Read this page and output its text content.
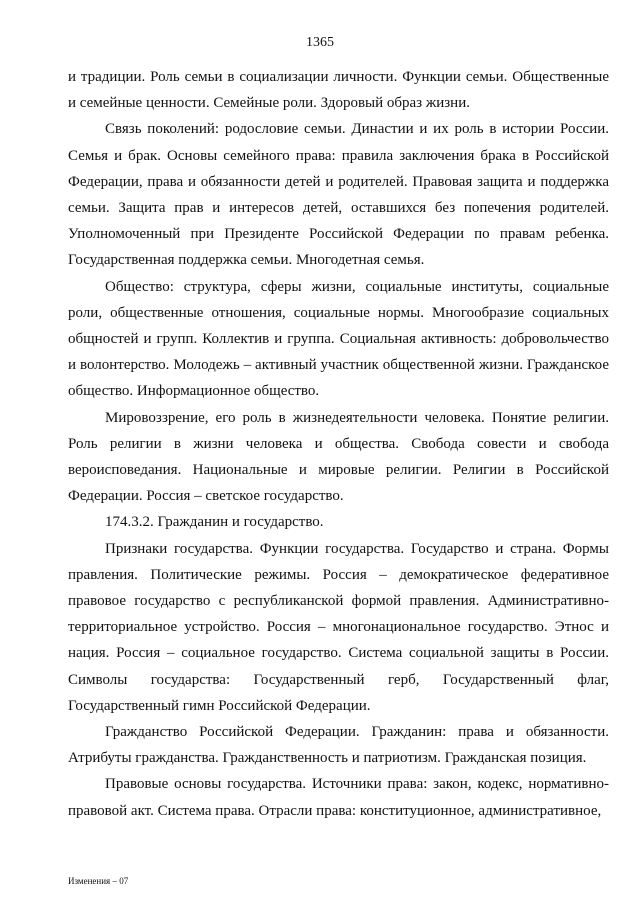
1365

и традиции. Роль семьи в социализации личности. Функции семьи. Общественные и семейные ценности. Семейные роли. Здоровый образ жизни.

Связь поколений: родословие семьи. Династии и их роль в истории России. Семья и брак. Основы семейного права: правила заключения брака в Российской Федерации, права и обязанности детей и родителей. Правовая защита и поддержка семьи. Защита прав и интересов детей, оставшихся без попечения родителей. Уполномоченный при Президенте Российской Федерации по правам ребенка. Государственная поддержка семьи. Многодетная семья.

Общество: структура, сферы жизни, социальные институты, социальные роли, общественные отношения, социальные нормы. Многообразие социальных общностей и групп. Коллектив и группа. Социальная активность: добровольчество и волонтерство. Молодежь – активный участник общественной жизни. Гражданское общество. Информационное общество.

Мировоззрение, его роль в жизнедеятельности человека. Понятие религии. Роль религии в жизни человека и общества. Свобода совести и свобода вероисповедания. Национальные и мировые религии. Религии в Российской Федерации. Россия – светское государство.

174.3.2. Гражданин и государство.

Признаки государства. Функции государства. Государство и страна. Формы правления. Политические режимы. Россия – демократическое федеративное правовое государство с республиканской формой правления. Административно-территориальное устройство. Россия – многонациональное государство. Этнос и нация. Россия – социальное государство. Система социальной защиты в России. Символы государства: Государственный герб, Государственный флаг, Государственный гимн Российской Федерации.

Гражданство Российской Федерации. Гражданин: права и обязанности. Атрибуты гражданства. Гражданственность и патриотизм. Гражданская позиция.

Правовые основы государства. Источники права: закон, кодекс, нормативно-правовой акт. Система права. Отрасли права: конституционное, административное,

Изменения – 07
